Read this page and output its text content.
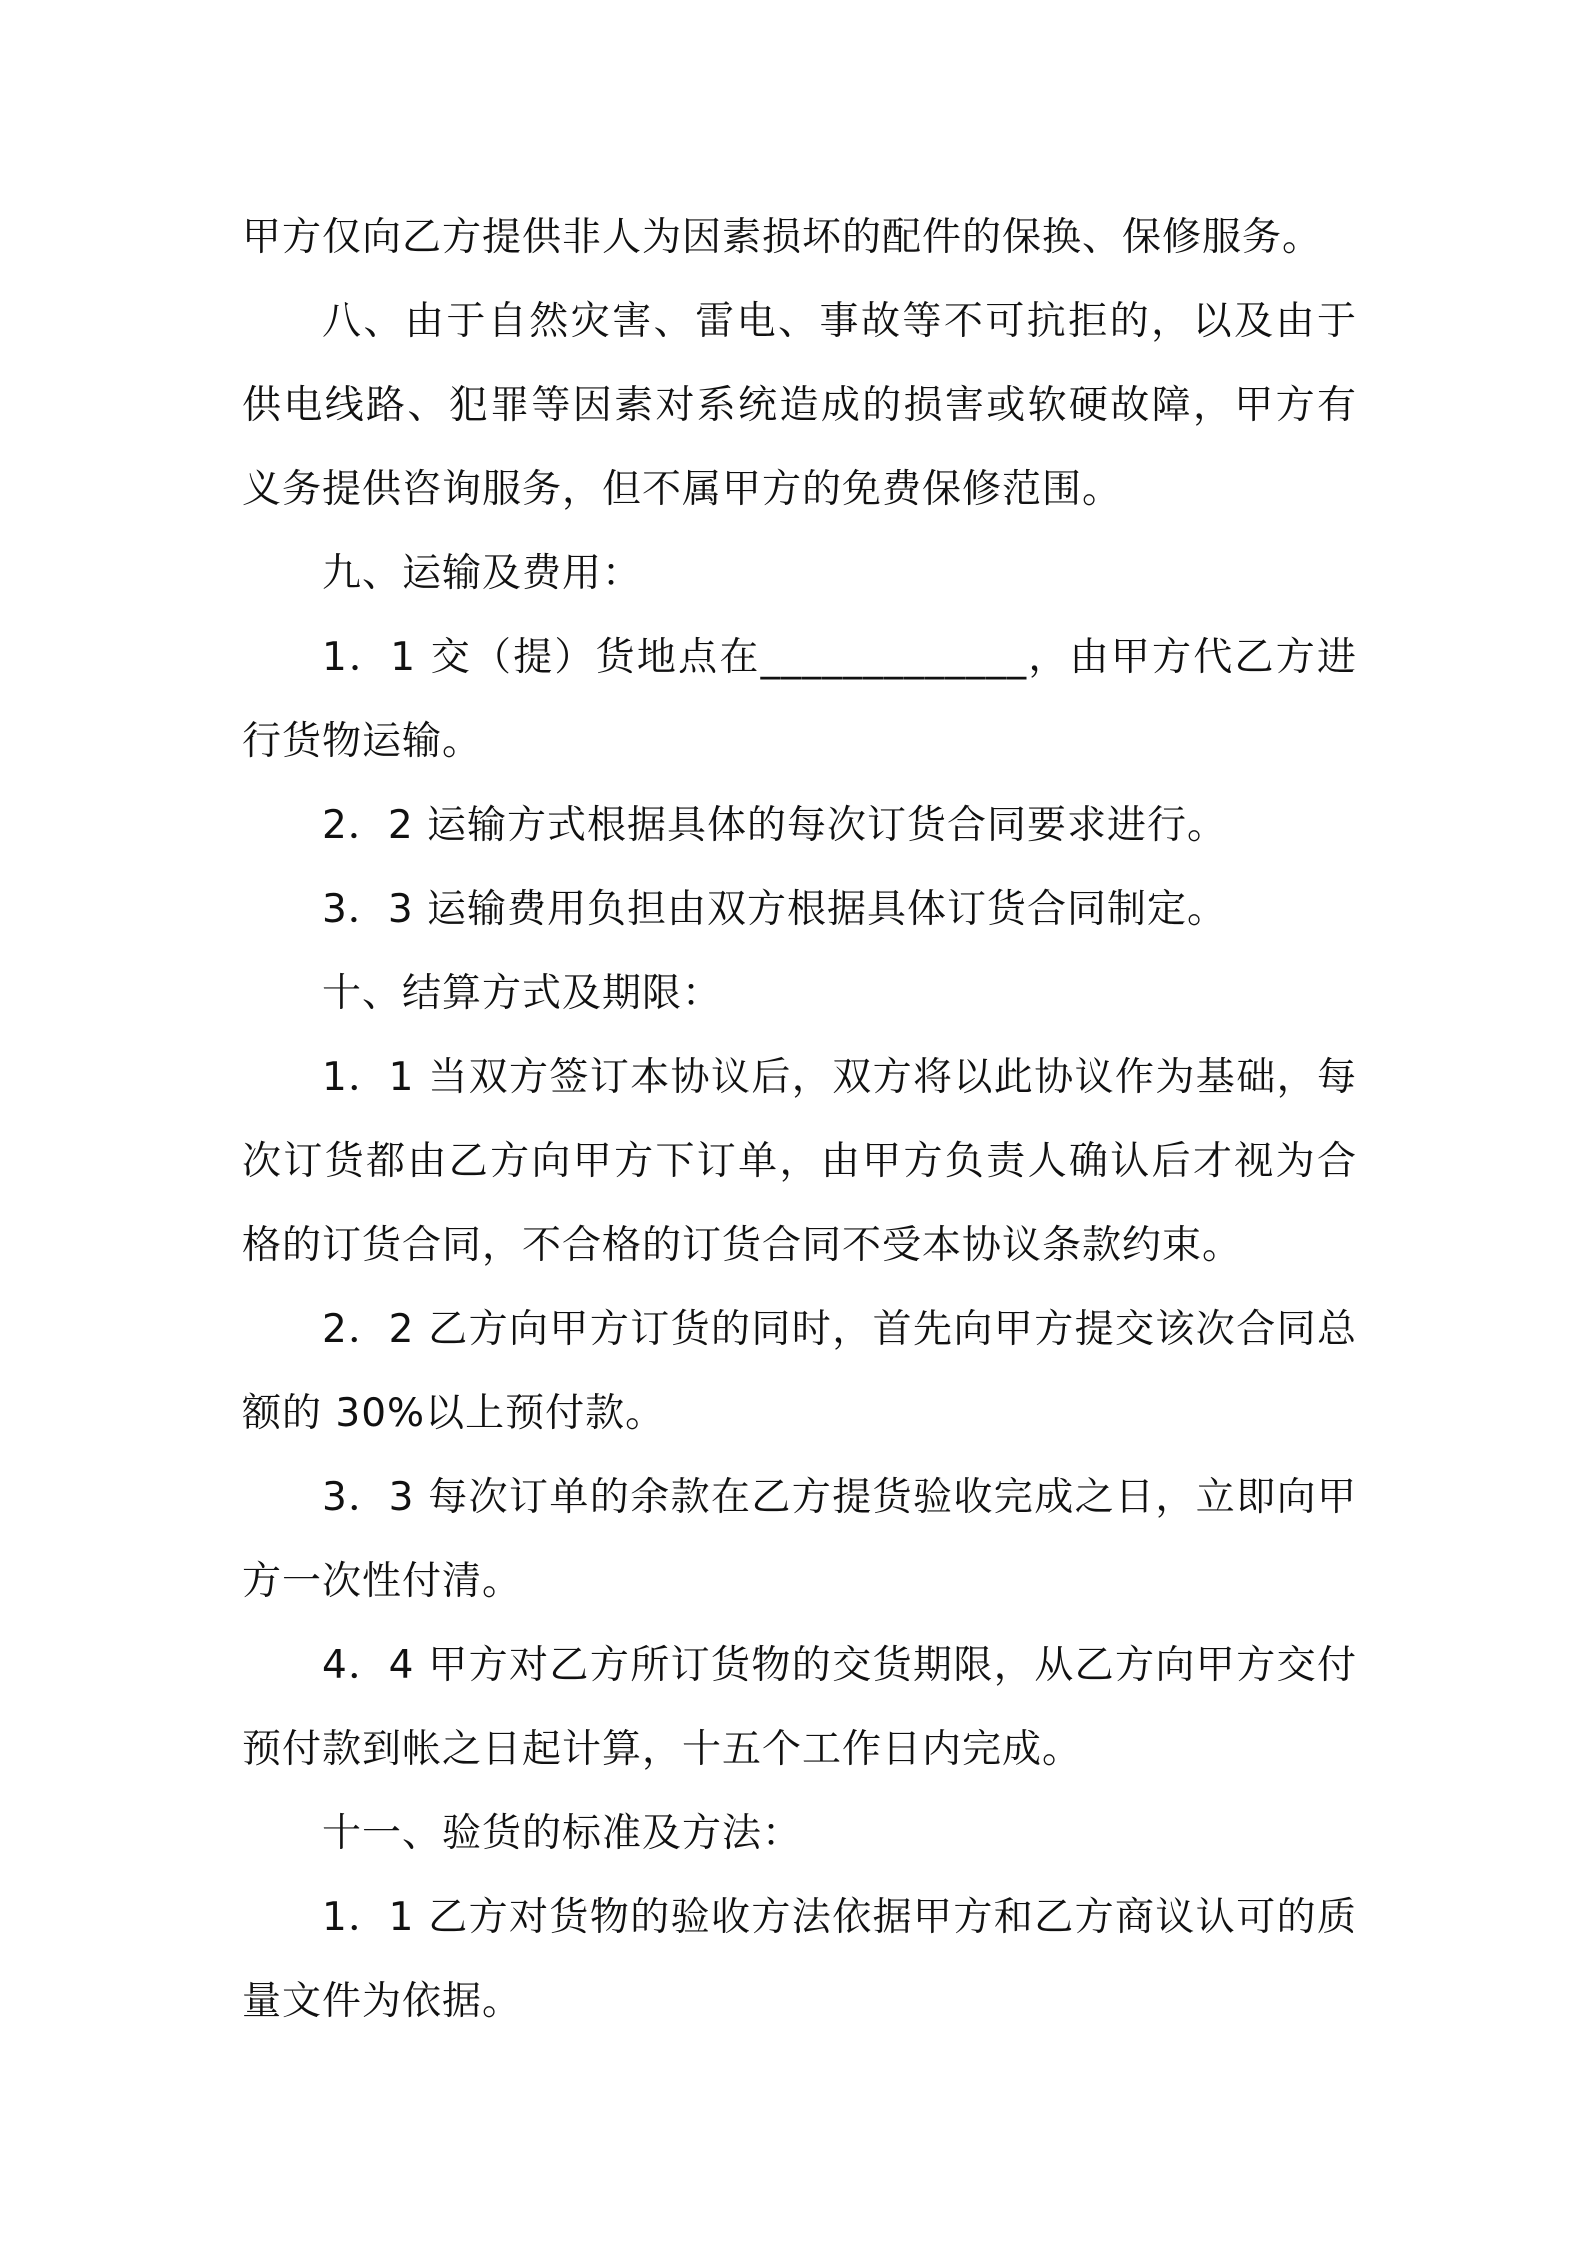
甲方仅向乙方提供非人为因素损坏的配件的保换、保修服务。

八、由于自然灾害、雷电、事故等不可抗拒的，以及由于供电线路、犯罪等因素对系统造成的损害或软硬故障，甲方有义务提供咨询服务，但不属甲方的免费保修范围。

九、运输及费用：

1．1 交（提）货地点在_____________，由甲方代乙方进行货物运输。

2．2 运输方式根据具体的每次订货合同要求进行。

3．3 运输费用负担由双方根据具体订货合同制定。

十、结算方式及期限：

1．1 当双方签订本协议后，双方将以此协议作为基础，每次订货都由乙方向甲方下订单，由甲方负责人确认后才视为合格的订货合同，不合格的订货合同不受本协议条款约束。

2．2 乙方向甲方订货的同时，首先向甲方提交该次合同总额的 30%以上预付款。

3．3 每次订单的余款在乙方提货验收完成之日，立即向甲方一次性付清。

4．4 甲方对乙方所订货物的交货期限，从乙方向甲方交付预付款到帐之日起计算，十五个工作日内完成。

十一、验货的标准及方法：

1．1 乙方对货物的验收方法依据甲方和乙方商议认可的质量文件为依据。
